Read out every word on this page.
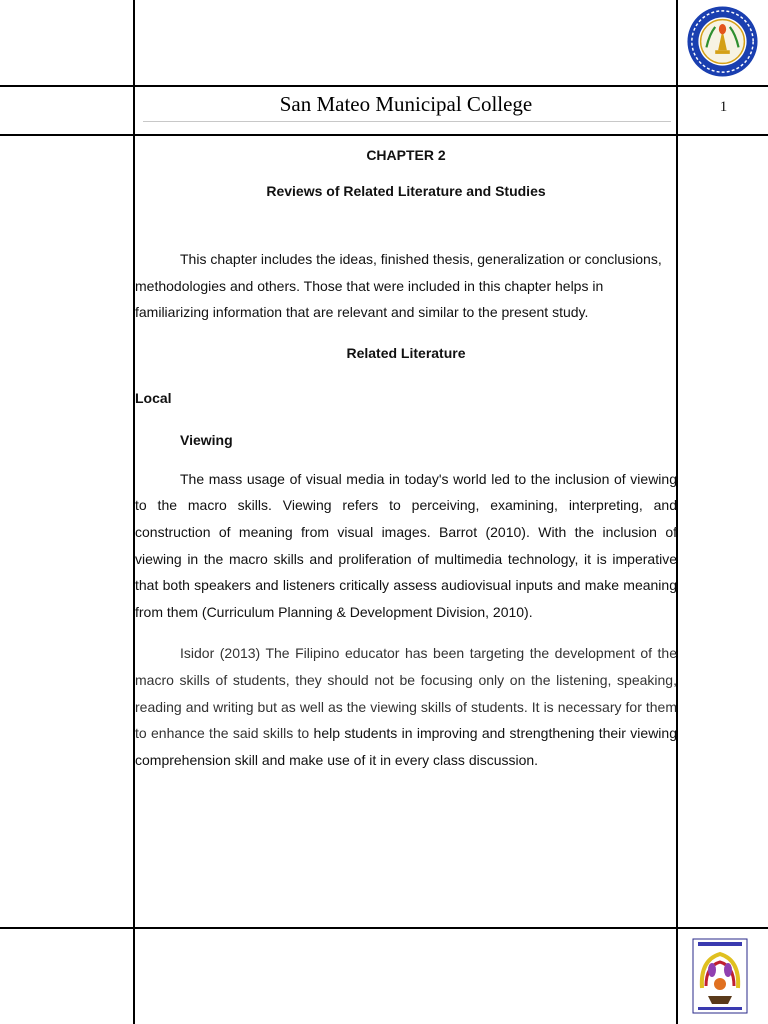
San Mateo Municipal College	1
CHAPTER 2
Reviews of Related Literature and Studies

This chapter includes the ideas, finished thesis, generalization or conclusions, methodologies and others. Those that were included in this chapter helps in familiarizing information that are relevant and similar to the present study.

Related Literature
Local
Viewing

The mass usage of visual media in today's world led to the inclusion of viewing to the macro skills. Viewing refers to perceiving, examining, interpreting, and construction of meaning from visual images. Barrot (2010). With the inclusion of viewing in the macro skills and proliferation of multimedia technology, it is imperative that both speakers and listeners critically assess audiovisual inputs and make meaning from them (Curriculum Planning & Development Division, 2010).

Isidor (2013) The Filipino educator has been targeting the development of the macro skills of students, they should not be focusing only on the listening, speaking, reading and writing but as well as the viewing skills of students. It is necessary for them to enhance the said skills to help students in improving and strengthening their viewing comprehension skill and make use of it in every class discussion.
